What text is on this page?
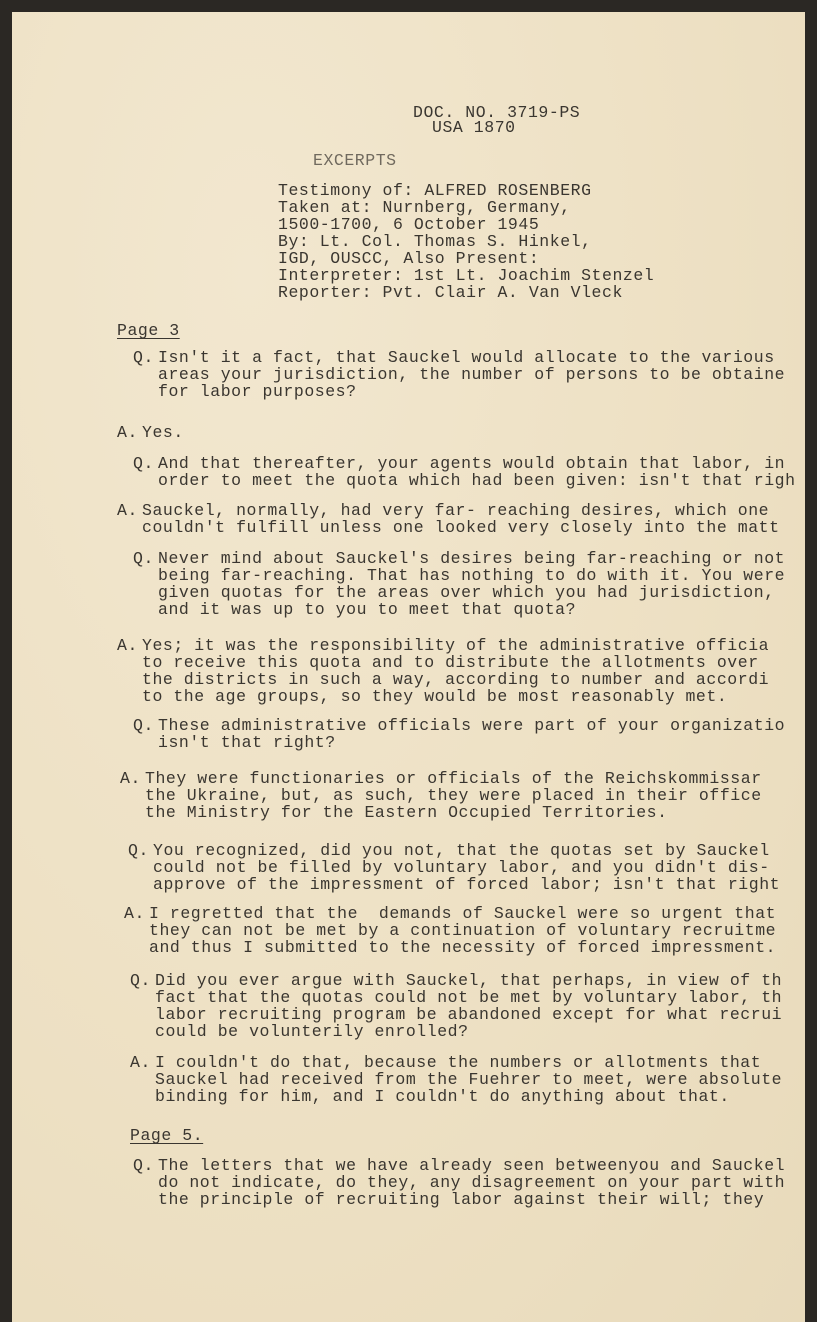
DOC. NO. 3719-PS
USA 1870
EXCERPTS
Testimony of: ALFRED ROSENBERG
Taken at: Nurnberg, Germany,
1500-1700, 6 October 1945
By: Lt. Col. Thomas S. Hinkel,
IGD, OUSCC, Also Present:
Interpreter: 1st Lt. Joachim Stenzel
Reporter: Pvt. Clair A. Van Vleck
Page 3
Q. Isn't it a fact, that Sauckel would allocate to the various
areas your jurisdiction, the number of persons to be obtaine
for labor purposes?
A. Yes.
Q. And that thereafter, your agents would obtain that labor, in
order to meet the quota which had been given: isn't that righ
A. Sauckel, normally, had very far- reaching desires, which one
couldn't fulfill unless one looked very closely into the matt
Q. Never mind about Sauckel's desires being far-reaching or not
being far-reaching. That has nothing to do with it. You were
given quotas for the areas over which you had jurisdiction,
and it was up to you to meet that quota?
A. Yes; it was the responsibility of the administrative officia
to receive this quota and to distribute the allotments over
the districts in such a way, according to number and accordi
to the age groups, so they would be most reasonably met.
Q. These administrative officials were part of your organizatio
isn't that right?
A. They were functionaries or officials of the Reichskommissar
the Ukraine, but, as such, they were placed in their office
the Ministry for the Eastern Occupied Territories.
Q. You recognized, did you not, that the quotas set by Sauckel
could not be filled by voluntary labor, and you didn't dis-
approve of the impressment of forced labor; isn't that right
A. I regretted that the  demands of Sauckel were so urgent that
they can not be met by a continuation of voluntary recruitme
and thus I submitted to the necessity of forced impressment.
Q. Did you ever argue with Sauckel, that perhaps, in view of th
fact that the quotas could not be met by voluntary labor, th
labor recruiting program be abandoned except for what recrui
could be volunterily enrolled?
A. I couldn't do that, because the numbers or allotments that
Sauckel had received from the Fuehrer to meet, were absolute
binding for him, and I couldn't do anything about that.
Page 5.
Q. The letters that we have already seen betweenyou and Sauckel
do not indicate, do they, any disagreement on your part with
the principle of recruiting labor against their will; they
